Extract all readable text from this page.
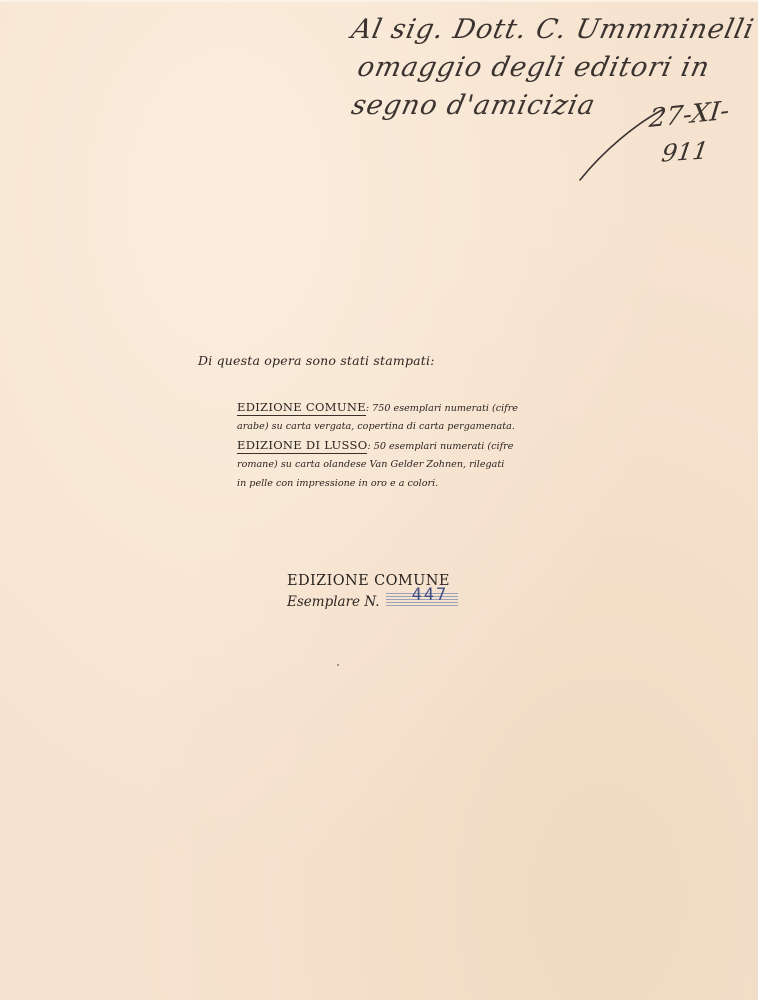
Al sig. Dott. C. Ummminelli
omaggio degli editori in
segno d'amicizia 27-XI-
911
Di questa opera sono stati stampati:
EDIZIONE COMUNE: 750 esemplari numerati (cifre
arabe) su carta vergata, copertina di carta pergamenata.
EDIZIONE DI LUSSO: 50 esemplari numerati (cifre
romane) su carta olandese Van Gelder Zohnen, rilegati
in pelle con impressione in oro e a colori.
EDIZIONE COMUNE
Esemplare N. 447
